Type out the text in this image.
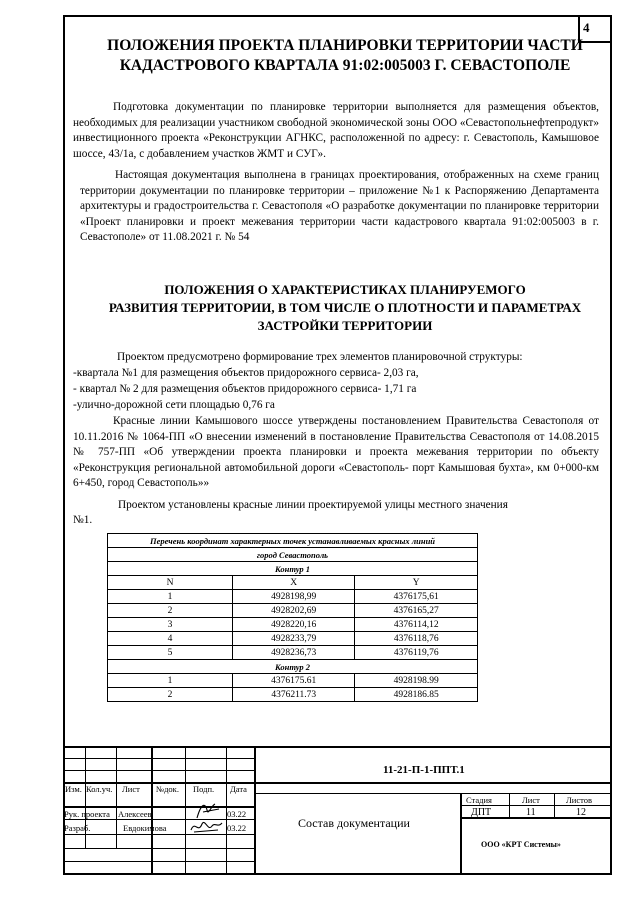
4
ПОЛОЖЕНИЯ ПРОЕКТА ПЛАНИРОВКИ ТЕРРИТОРИИ ЧАСТИ
КАДАСТРОВОГО КВАРТАЛА 91:02:005003 Г. СЕВАСТОПОЛЕ
Подготовка документации по планировке территории выполняется для размещения объектов, необходимых для реализации участником свободной экономической зоны ООО «Севастопольнефтепродукт» инвестиционного проекта «Реконструкции АГНКС, расположенной по адресу: г. Севастополь, Камышовое шоссе, 43/1а, с добавлением участков ЖМТ и СУГ».
Настоящая документация выполнена в границах проектирования, отображенных на схеме границ территории документации по планировке территории – приложение №1 к Распоряжению Департамента архитектуры и градостроительства г. Севастополя «О разработке документации по планировке территории «Проект планировки и проект межевания территории части кадастрового квартала 91:02:005003 в г. Севастополе» от 11.08.2021 г. № 54
ПОЛОЖЕНИЯ О ХАРАКТЕРИСТИКАХ ПЛАНИРУЕМОГО
РАЗВИТИЯ ТЕРРИТОРИИ, В ТОМ ЧИСЛЕ О ПЛОТНОСТИ И ПАРАМЕТРАХ
ЗАСТРОЙКИ ТЕРРИТОРИИ
Проектом предусмотрено формирование трех элементов планировочной структуры:
-квартала №1 для размещения объектов придорожного сервиса- 2,03 га,
- квартал № 2 для размещения объектов придорожного сервиса- 1,71 га
-улично-дорожной сети площадью 0,76 га
Красные линии Камышового шоссе утверждены постановлением Правительства Севастополя от 10.11.2016 № 1064-ПП «О внесении изменений в постановление Правительства Севастополя от 14.08.2015 № 757-ПП «Об утверждении проекта планировки и проекта межевания территории по объекту «Реконструкция региональной автомобильной дороги «Севастополь- порт Камышовая бухта», км 0+000-км 6+450, город Севастополь»»
Проектом установлены красные линии проектируемой улицы местного значения
№1.
Перечень координат характерных точек устанавливаемых красных линий		
город Севастополь		
Контур 1		
N	X	Y
1	4928198,99	4376175,61
2	4928202,69	4376165,27
3	4928220,16	4376114,12
4	4928233,79	4376118,76
5	4928236,73	4376119,76
Контур 2		
1	4376175.61	4928198.99
2	4376211.73	4928186.85
11-21-П-1-ППТ.1
Изм. Кол.уч. Лист №док. Подп. Дата
Рук. проекта Алексеев	03.22
Разраб.	Евдокимова	03.22	Состав документации
Стадия	Лист	Листов
ДПТ	11	12
ООО «КРТ Системы»
